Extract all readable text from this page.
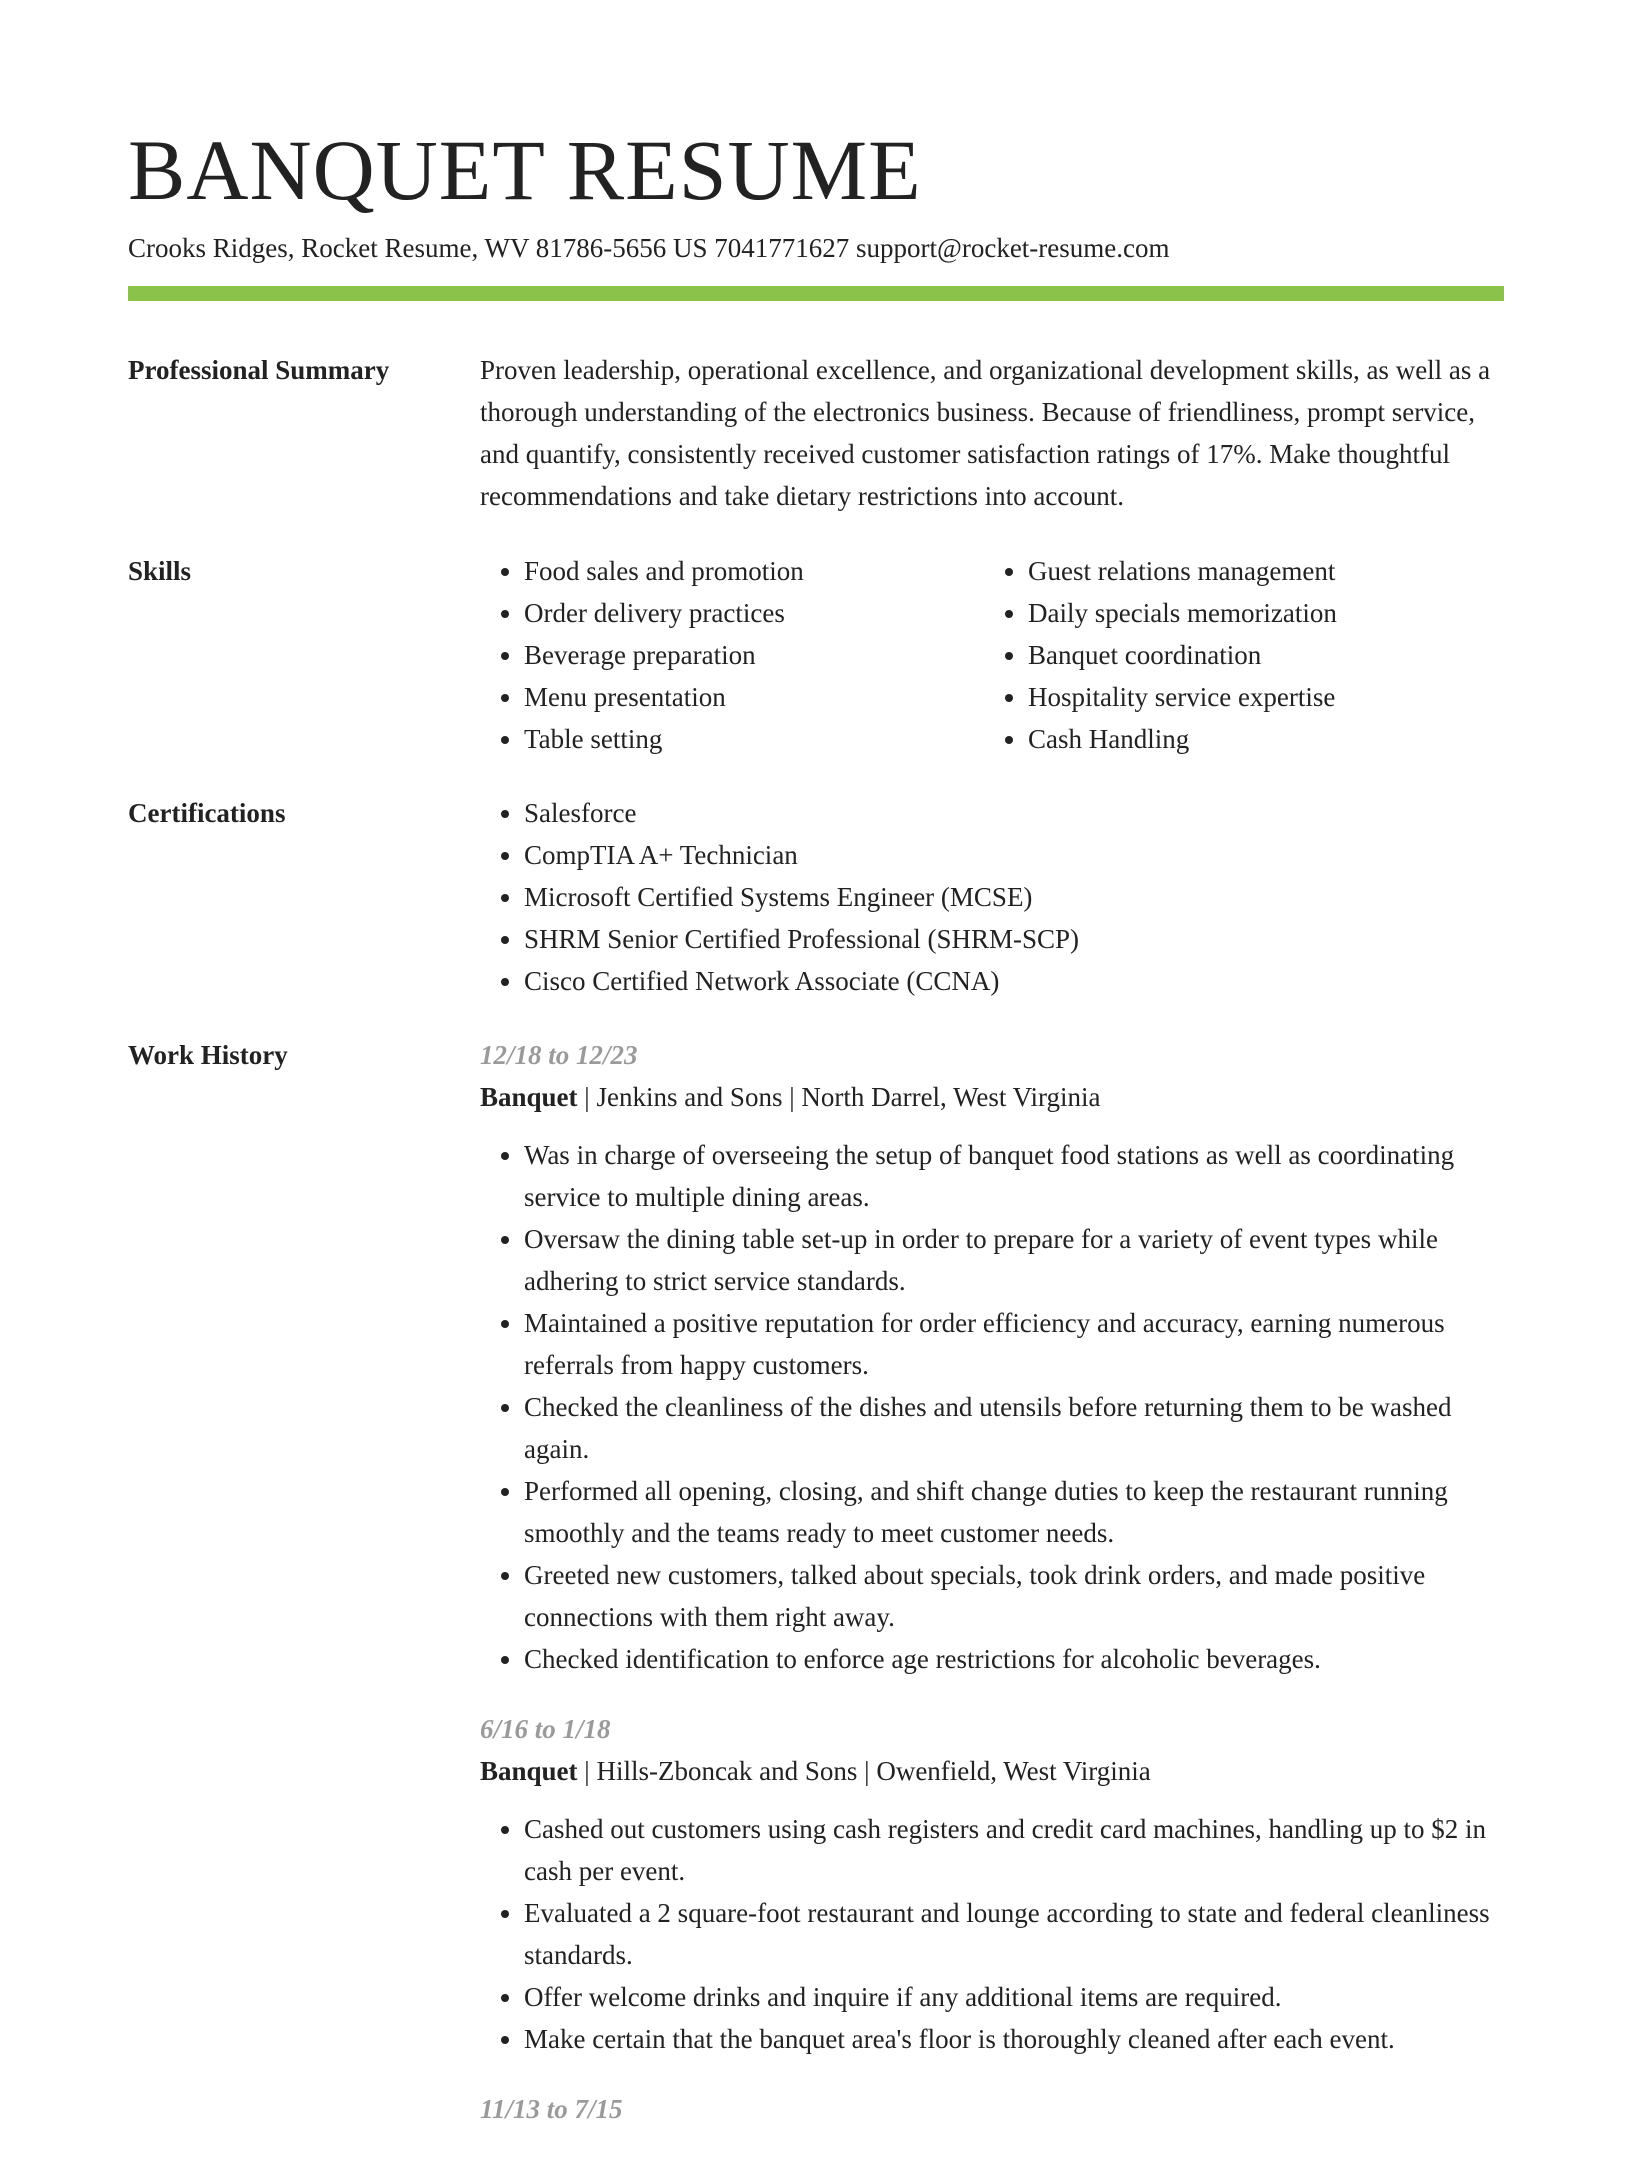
BANQUET RESUME
Crooks Ridges, Rocket Resume, WV 81786-5656 US 7041771627 support@rocket-resume.com
Professional Summary	Proven leadership, operational excellence, and organizational development skills, as well as a thorough understanding of the electronics business. Because of friendliness, prompt service, and quantify, consistently received customer satisfaction ratings of 17%. Make thoughtful recommendations and take dietary restrictions into account.

Skills	• Food sales and promotion
• Order delivery practices
• Beverage preparation
• Menu presentation
• Table setting
• Guest relations management
• Daily specials memorization
• Banquet coordination
• Hospitality service expertise
• Cash Handling
Certifications	• Salesforce
• CompTIA A+ Technician
• Microsoft Certified Systems Engineer (MCSE)
• SHRM Senior Certified Professional (SHRM-SCP)
• Cisco Certified Network Associate (CCNA)
Work History	12/18 to 12/23
Banquet | Jenkins and Sons | North Darrel, West Virginia
• Was in charge of overseeing the setup of banquet food stations as well as coordinating service to multiple dining areas.
• Oversaw the dining table set-up in order to prepare for a variety of event types while adhering to strict service standards.
• Maintained a positive reputation for order efficiency and accuracy, earning numerous referrals from happy customers.
• Checked the cleanliness of the dishes and utensils before returning them to be washed again.
• Performed all opening, closing, and shift change duties to keep the restaurant running smoothly and the teams ready to meet customer needs.
• Greeted new customers, talked about specials, took drink orders, and made positive connections with them right away.
• Checked identification to enforce age restrictions for alcoholic beverages.
6/16 to 1/18
Banquet | Hills-Zboncak and Sons | Owenfield, West Virginia
• Cashed out customers using cash registers and credit card machines, handling up to $2 in cash per event.
• Evaluated a 2 square-foot restaurant and lounge according to state and federal cleanliness standards.
• Offer welcome drinks and inquire if any additional items are required.
• Make certain that the banquet area's floor is thoroughly cleaned after each event.
11/13 to 7/15
